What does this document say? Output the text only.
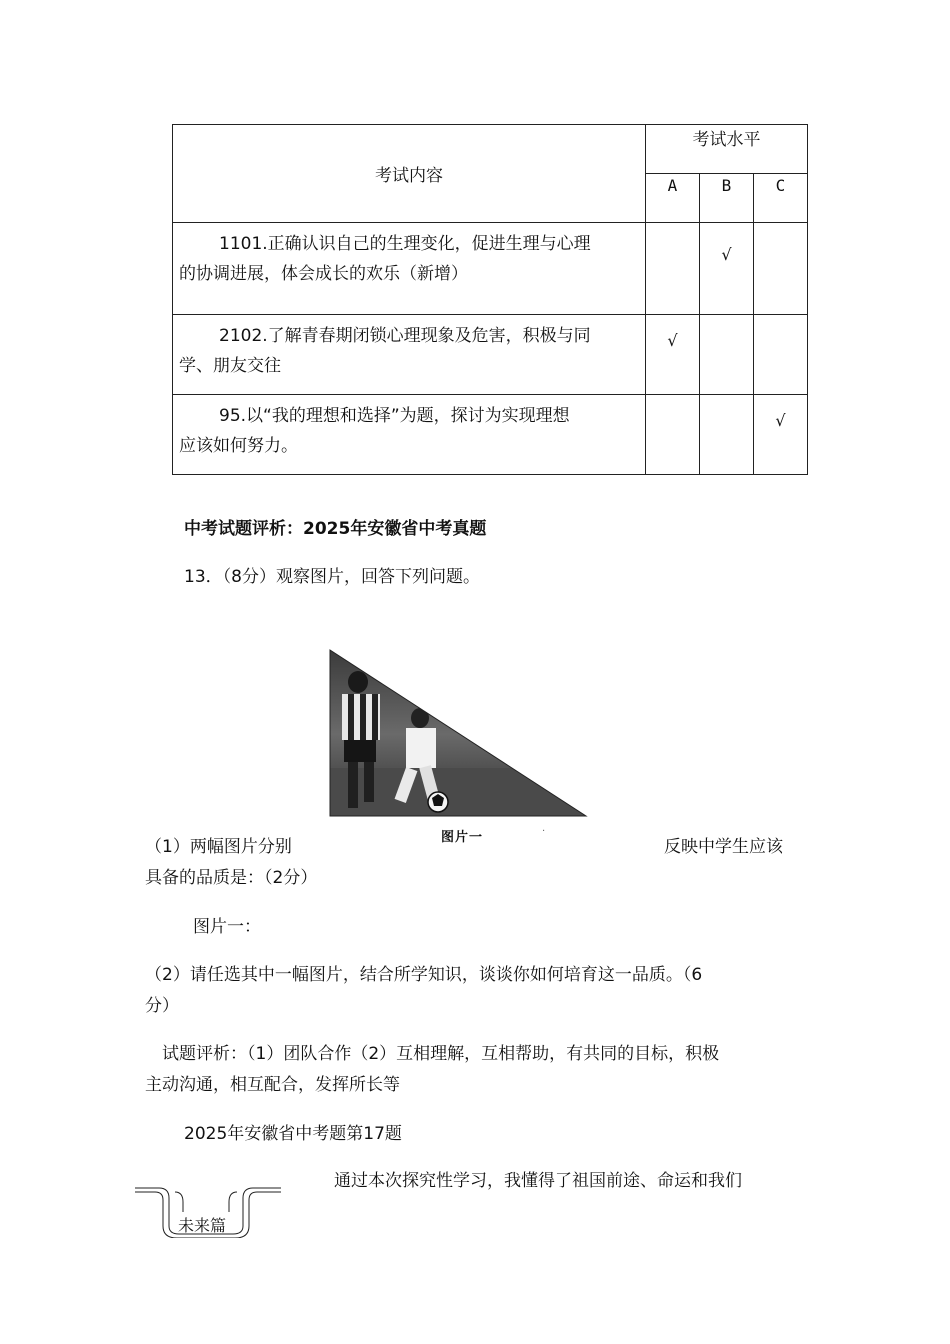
考试内容	考试水平		
	A	B	C
1101.正确认识自己的生理变化，促进生理与心理
的协调进展，体会成长的欢乐（新增）		√	
2102.了解青春期闭锁心理现象及危害，积极与同
学、朋友交往	√		
95.以“我的理想和选择”为题，探讨为实现理想
应该如何努力。			√
中考试题评析：2025年安徽省中考真题
13．（8分）观察图片，回答下列问题。
图片一	·
（1）两幅图片分别	反映中学生应该
具备的品质是：（2分）
图片一：
（2）请任选其中一幅图片，结合所学知识，谈谈你如何培育这一品质。（6
分）
试题评析：（1）团队合作（2）互相理解，互相帮助，有共同的目标，积极
主动沟通，相互配合，发挥所长等
2025年安徽省中考题第17题
通过本次探究性学习，我懂得了祖国前途、命运和我们
未来篇
